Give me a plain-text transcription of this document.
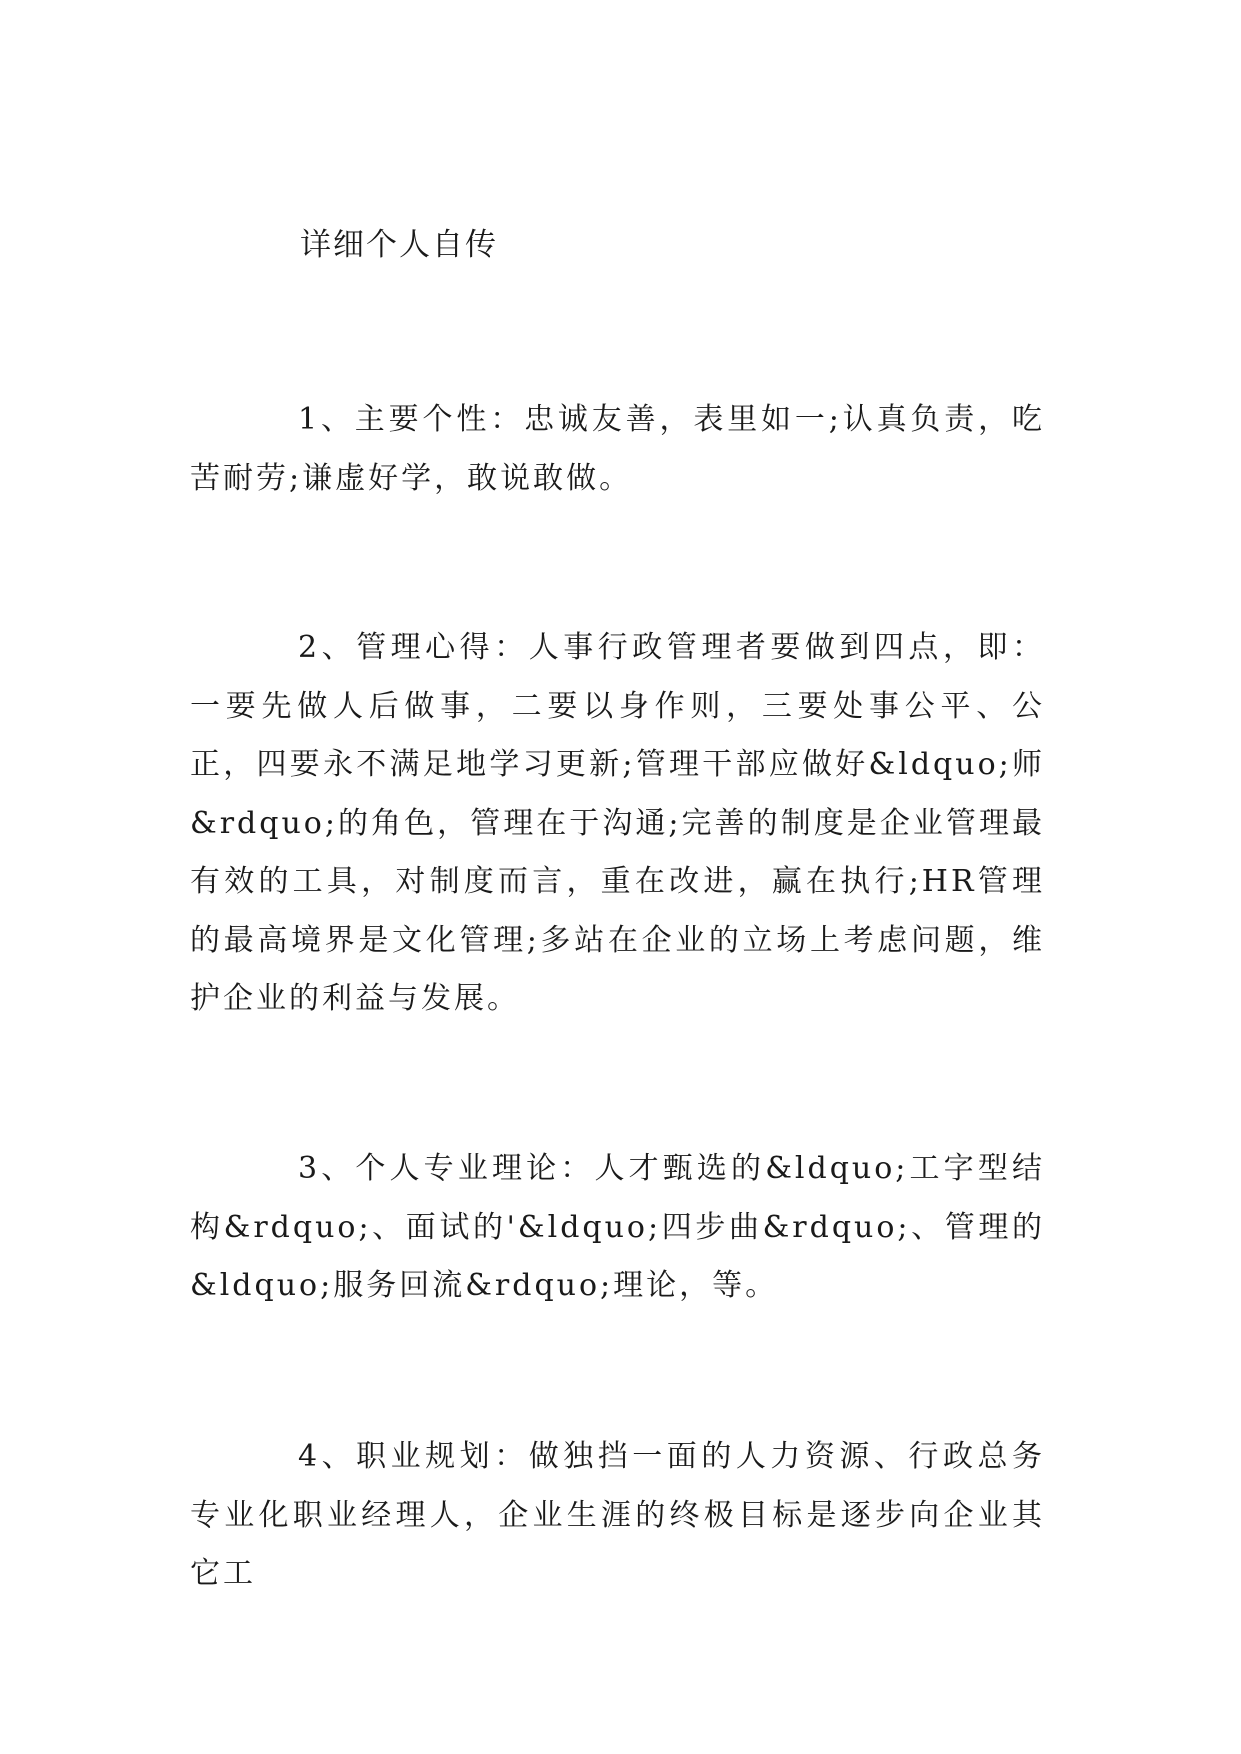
详细个人自传

1、主要个性：忠诚友善，表里如一;认真负责，吃苦耐劳;谦虚好学，敢说敢做。

2、管理心得：人事行政管理者要做到四点，即：一要先做人后做事，二要以身作则，三要处事公平、公正，四要永不满足地学习更新;管理干部应做好&ldquo;师&rdquo;的角色，管理在于沟通;完善的制度是企业管理最有效的工具，对制度而言，重在改进，赢在执行;HR管理的最高境界是文化管理;多站在企业的立场上考虑问题，维护企业的利益与发展。

3、个人专业理论：人才甄选的&ldquo;工字型结构&rdquo;、面试的'&ldquo;四步曲&rdquo;、管理的&ldquo;服务回流&rdquo;理论，等。

4、职业规划：做独挡一面的人力资源、行政总务专业化职业经理人，企业生涯的终极目标是逐步向企业其它工
